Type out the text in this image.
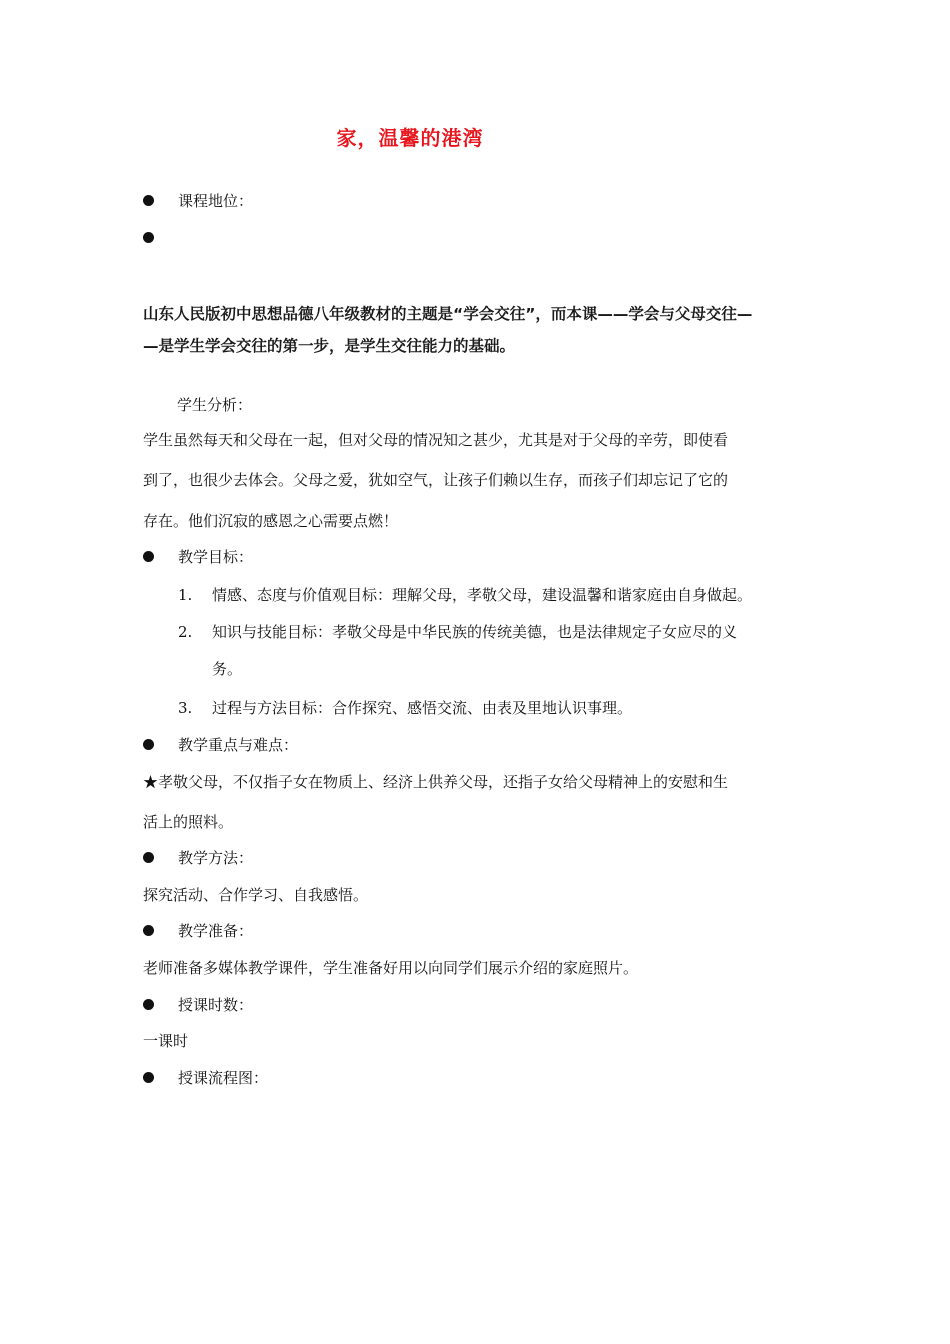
家，温馨的港湾
课程地位：
山东人民版初中思想品德八年级教材的主题是“学会交往”，而本课——学会与父母交往—
—是学生学会交往的第一步，是学生交往能力的基础。
学生分析：
学生虽然每天和父母在一起，但对父母的情况知之甚少，尤其是对于父母的辛劳，即使看
到了，也很少去体会。父母之爱，犹如空气，让孩子们赖以生存，而孩子们却忘记了它的
存在。他们沉寂的感恩之心需要点燃！
教学目标：
1. 情感、态度与价值观目标：理解父母，孝敬父母，建设温馨和谐家庭由自身做起。
2. 知识与技能目标：孝敬父母是中华民族的传统美德，也是法律规定子女应尽的义
务。
3. 过程与方法目标：合作探究、感悟交流、由表及里地认识事理。
教学重点与难点：
★孝敬父母，不仅指子女在物质上、经济上供养父母，还指子女给父母精神上的安慰和生
活上的照料。
教学方法：
探究活动、合作学习、自我感悟。
教学准备：
老师准备多媒体教学课件，学生准备好用以向同学们展示介绍的家庭照片。
授课时数：
一课时
授课流程图：
